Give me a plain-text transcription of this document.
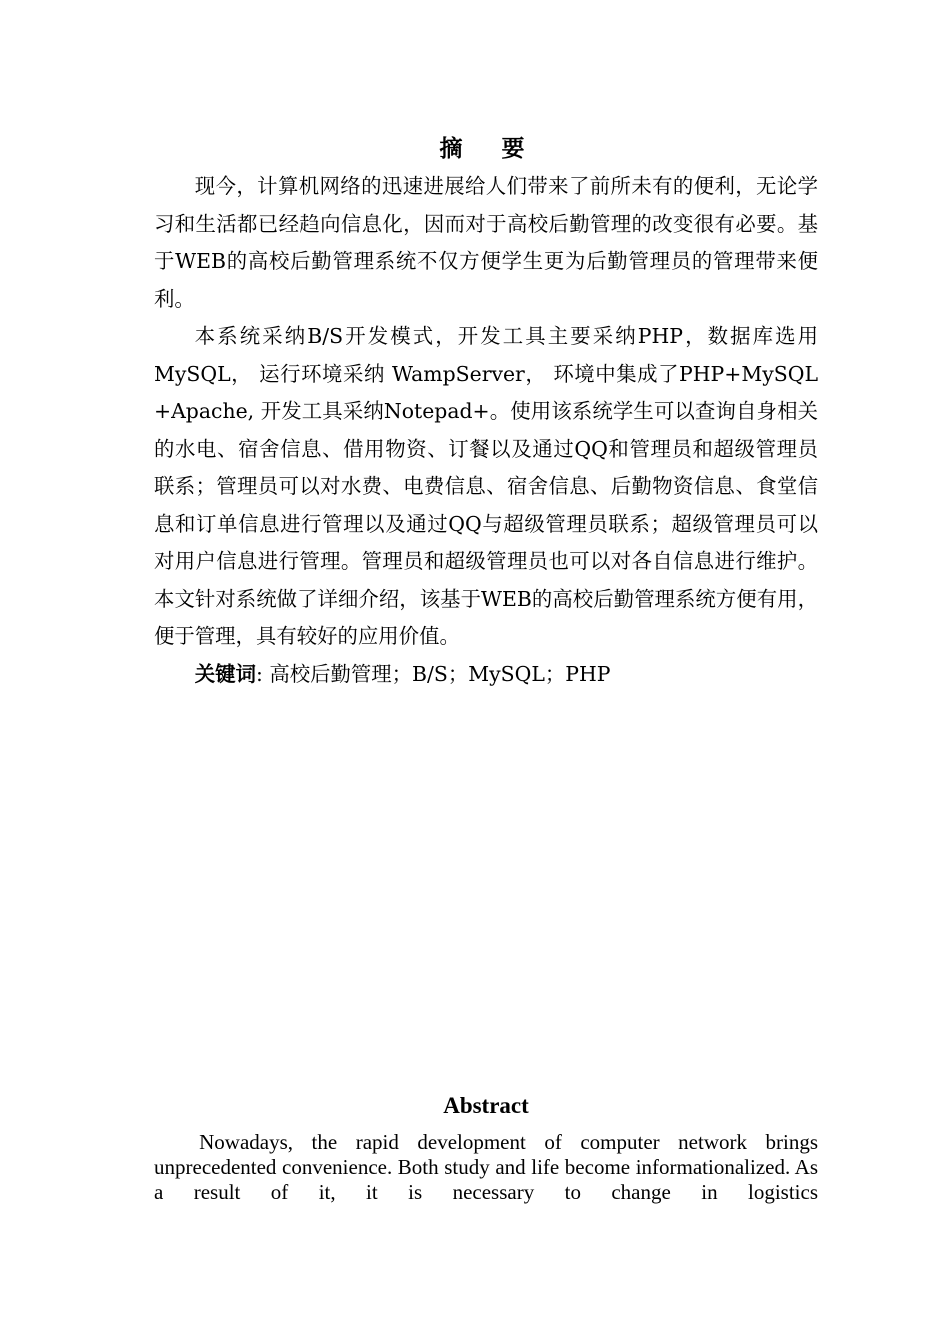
摘　要

现今，计算机网络的迅速进展给人们带来了前所未有的便利，无论学习和生活都已经趋向信息化，因而对于高校后勤管理的改变很有必要。基于WEB的高校后勤管理系统不仅方便学生更为后勤管理员的管理带来便利。

本系统采纳B/S开发模式，开发工具主要采纳PHP，数据库选用 MySQL， 运行环境采纳 WampServer， 环境中集成了PHP+MySQL +Apache, 开发工具采纳Notepad+。使用该系统学生可以查询自身相关的水电、宿舍信息、借用物资、订餐以及通过QQ和管理员和超级管理员联系；管理员可以对水费、电费信息、宿舍信息、后勤物资信息、食堂信息和订单信息进行管理以及通过QQ与超级管理员联系；超级管理员可以对用户信息进行管理。管理员和超级管理员也可以对各自信息进行维护。本文针对系统做了详细介绍，该基于WEB的高校后勤管理系统方便有用，便于管理，具有较好的应用价值。

关键词: 高校后勤管理；B/S；MySQL；PHP

Abstract

Nowadays, the rapid development of computer network brings unprecedented convenience. Both study and life become informationalized. As a result of it, it is necessary to change in logistics
